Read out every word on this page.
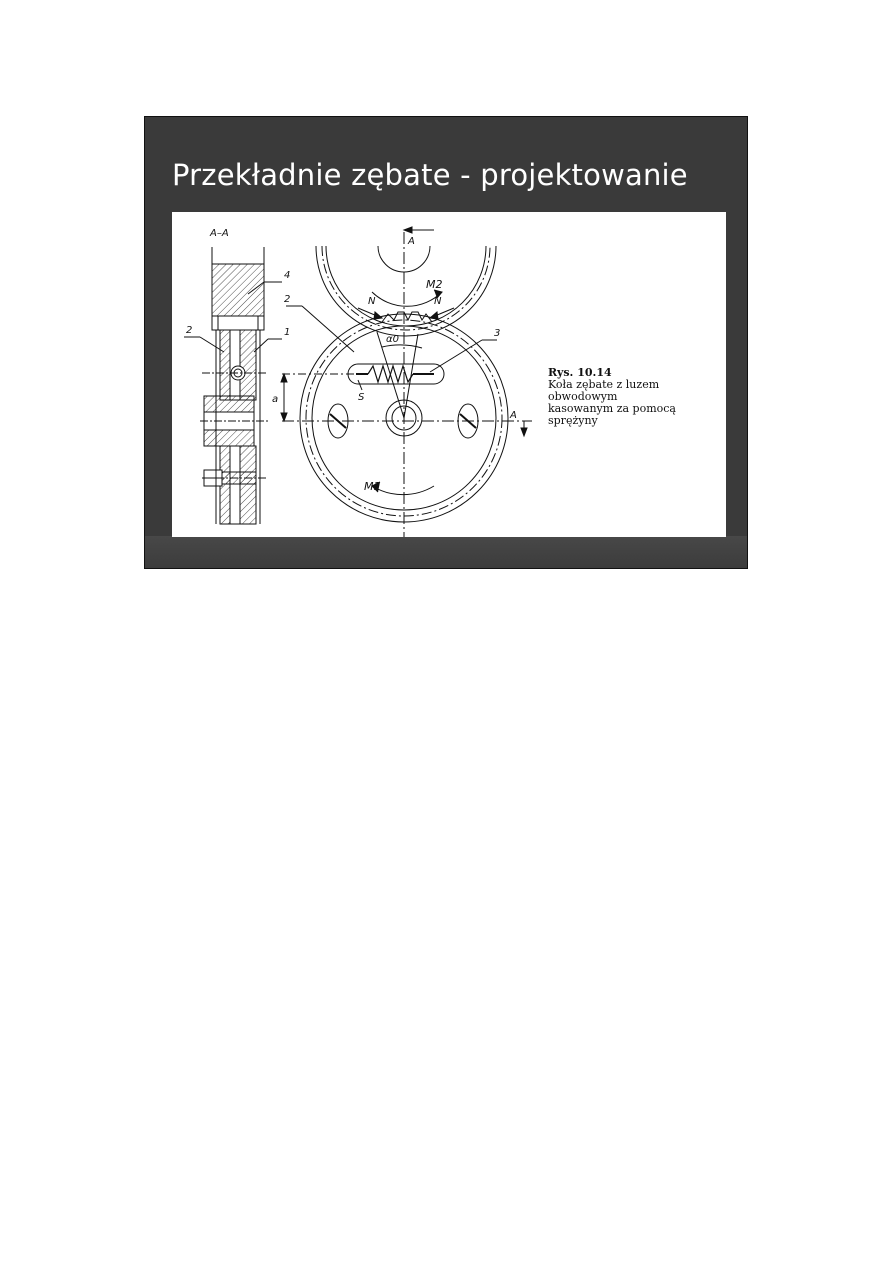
Przekładnie zębate - projektowanie
A–A
4
2	1
2
3
A
A
M2
M1
N	N
α0
S
a
Rys. 10.14
Koła zębate z luzem obwodowym
kasowanym za pomocą sprężyny
